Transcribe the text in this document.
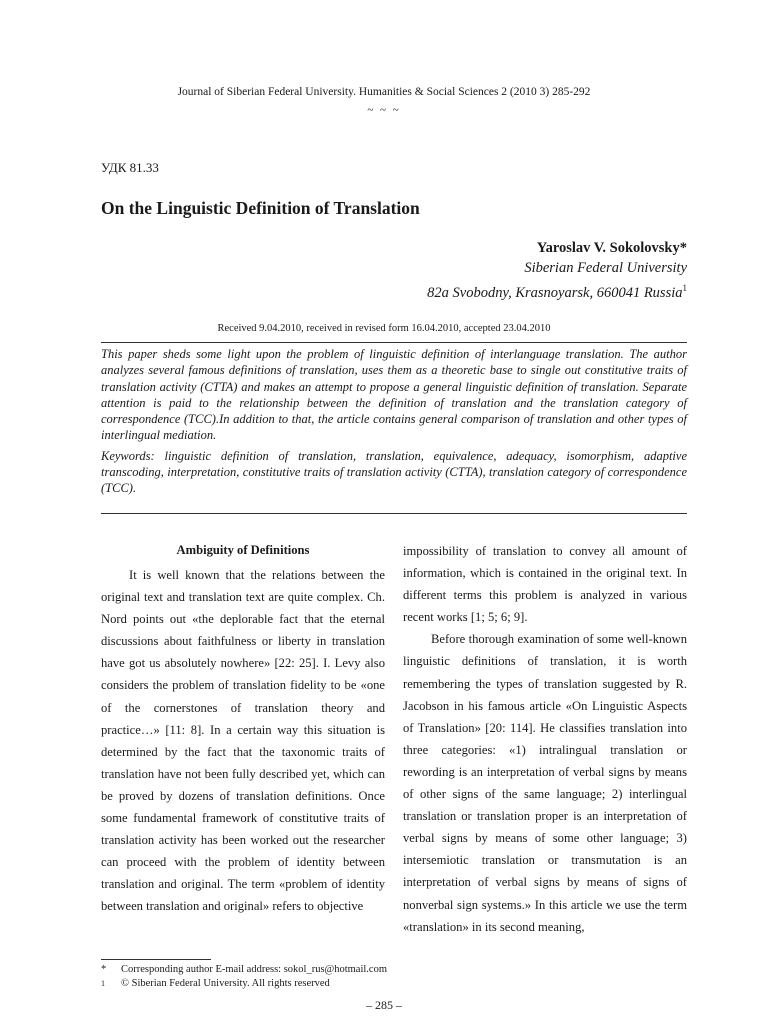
Journal of Siberian Federal University. Humanities & Social Sciences 2 (2010 3) 285-292
~ ~ ~
УДК 81.33
On the Linguistic Definition of Translation
Yaroslav V. Sokolovsky*
Siberian Federal University
82a Svobodny, Krasnoyarsk, 660041 Russia$^1$
Received 9.04.2010, received in revised form 16.04.2010, accepted 23.04.2010

This paper sheds some light upon the problem of linguistic definition of interlanguage translation. The author analyzes several famous definitions of translation, uses them as a theoretic base to single out constitutive traits of translation activity (CTTA) and makes an attempt to propose a general linguistic definition of translation. Separate attention is paid to the relationship between the definition of translation and the translation category of correspondence (TCC).In addition to that, the article contains general comparison of translation and other types of interlingual mediation.

Keywords: linguistic definition of translation, translation, equivalence, adequacy, isomorphism, adaptive transcoding, interpretation, constitutive traits of translation activity (CTTA), translation category of correspondence (TCC).

Ambiguity of Definitions

It is well known that the relations between the original text and translation text are quite complex. Ch. Nord points out «the deplorable fact that the eternal discussions about faithfulness or liberty in translation have got us absolutely nowhere» [22: 25]. I. Levy also considers the problem of translation fidelity to be «one of the cornerstones of translation theory and practice…» [11: 8]. In a certain way this situation is determined by the fact that the taxonomic traits of translation have not been fully described yet, which can be proved by dozens of translation definitions. Once some fundamental framework of constitutive traits of translation activity has been worked out the researcher can proceed with the problem of identity between translation and original. The term «problem of identity between translation and original» refers to objective

impossibility of translation to convey all amount of information, which is contained in the original text. In different terms this problem is analyzed in various recent works [1; 5; 6; 9].

Before thorough examination of some well-known linguistic definitions of translation, it is worth remembering the types of translation suggested by R. Jacobson in his famous article «On Linguistic Aspects of Translation» [20: 114]. He classifies translation into three categories: «1) intralingual translation or rewording is an interpretation of verbal signs by means of other signs of the same language; 2) interlingual translation or translation proper is an interpretation of verbal signs by means of some other language; 3) intersemiotic translation or transmutation is an interpretation of verbal signs by means of signs of nonverbal sign systems.» In this article we use the term «translation» in its second meaning,

* Corresponding author E-mail address: sokol_rus@hotmail.com
1 © Siberian Federal University. All rights reserved
– 285 –
